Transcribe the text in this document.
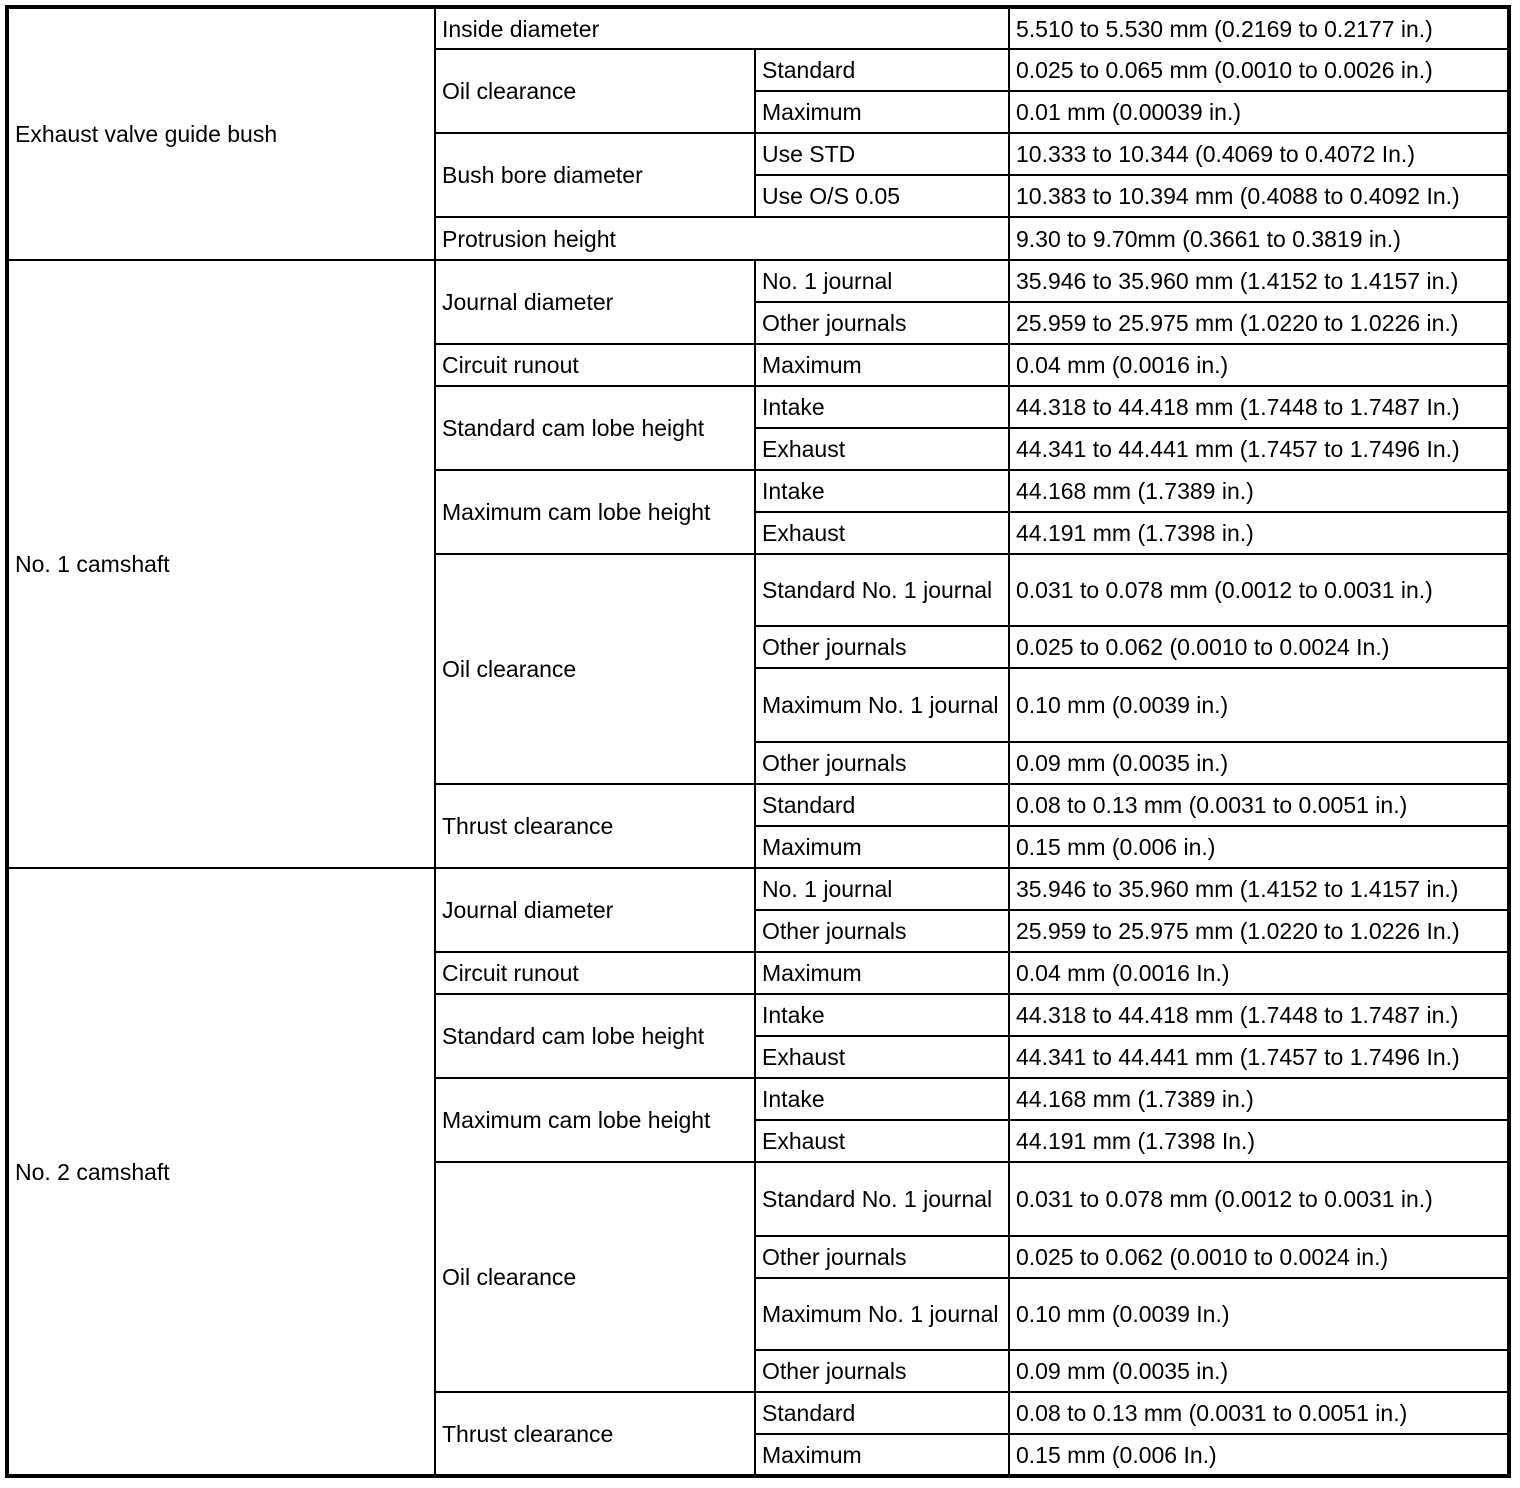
Exhaust valve guide bush	Inside diameter		5.510 to 5.530 mm (0.2169 to 0.2177 in.)
	Oil clearance	Standard	0.025 to 0.065 mm (0.0010 to 0.0026 in.)
		Maximum	0.01 mm (0.00039 in.)
	Bush bore diameter	Use STD	10.333 to 10.344 (0.4069 to 0.4072 In.)
		Use O/S 0.05	10.383 to 10.394 mm (0.4088 to 0.4092 In.)
	Protrusion height		9.30 to 9.70mm (0.3661 to 0.3819 in.)
No. 1 camshaft	Journal diameter	No. 1 journal	35.946 to 35.960 mm (1.4152 to 1.4157 in.)
		Other journals	25.959 to 25.975 mm (1.0220 to 1.0226 in.)
	Circuit runout	Maximum	0.04 mm (0.0016 in.)
	Standard cam lobe height	Intake	44.318 to 44.418 mm (1.7448 to 1.7487 In.)
		Exhaust	44.341 to 44.441 mm (1.7457 to 1.7496 In.)
	Maximum cam lobe height	Intake	44.168 mm (1.7389 in.)
		Exhaust	44.191 mm (1.7398 in.)
	Oil clearance	Standard No. 1 journal	0.031 to 0.078 mm (0.0012 to 0.0031 in.)
		Other journals	0.025 to 0.062 (0.0010 to 0.0024 In.)
		Maximum No. 1 journal	0.10 mm (0.0039 in.)
		Other journals	0.09 mm (0.0035 in.)
	Thrust clearance	Standard	0.08 to 0.13 mm (0.0031 to 0.0051 in.)
		Maximum	0.15 mm (0.006 in.)
No. 2 camshaft	Journal diameter	No. 1 journal	35.946 to 35.960 mm (1.4152 to 1.4157 in.)
		Other journals	25.959 to 25.975 mm (1.0220 to 1.0226 In.)
	Circuit runout	Maximum	0.04 mm (0.0016 In.)
	Standard cam lobe height	Intake	44.318 to 44.418 mm (1.7448 to 1.7487 in.)
		Exhaust	44.341 to 44.441 mm (1.7457 to 1.7496 In.)
	Maximum cam lobe height	Intake	44.168 mm (1.7389 in.)
		Exhaust	44.191 mm (1.7398 In.)
	Oil clearance	Standard No. 1 journal	0.031 to 0.078 mm (0.0012 to 0.0031 in.)
		Other journals	0.025 to 0.062 (0.0010 to 0.0024 in.)
		Maximum No. 1 journal	0.10 mm (0.0039 In.)
		Other journals	0.09 mm (0.0035 in.)
	Thrust clearance	Standard	0.08 to 0.13 mm (0.0031 to 0.0051 in.)
		Maximum	0.15 mm (0.006 In.)
